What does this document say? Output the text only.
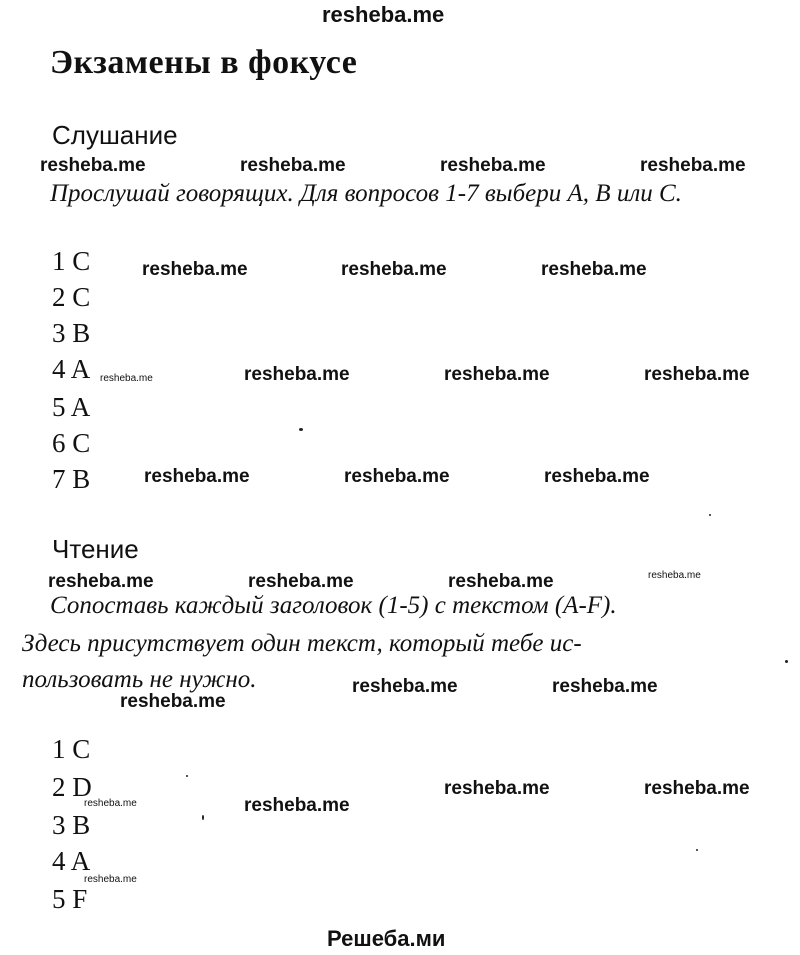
resheba.me
Экзамены в фокусе
Слушание
Прослушай говорящих. Для вопросов 1-7 выбери A, B или C.
1 C
2 C
3 B
4 A
5 A
6 C
7 B
Чтение
Сопоставь каждый заголовок (1-5) с текстом (A-F).
Здесь присутствует один текст, который тебе ис-
пользовать не нужно.
1 C
2 D
3 B
4 A
5 F
resheba.me	resheba.me	resheba.me	resheba.me
resheba.me	resheba.me	resheba.me
resheba.me	resheba.me	resheba.me
resheba.me	resheba.me	resheba.me
resheba.me	resheba.me	resheba.me
resheba.me	resheba.me
resheba.me
resheba.me	resheba.me
resheba.me
resheba.me
resheba.me
resheba.me
resheba.me
Решеба.ми
